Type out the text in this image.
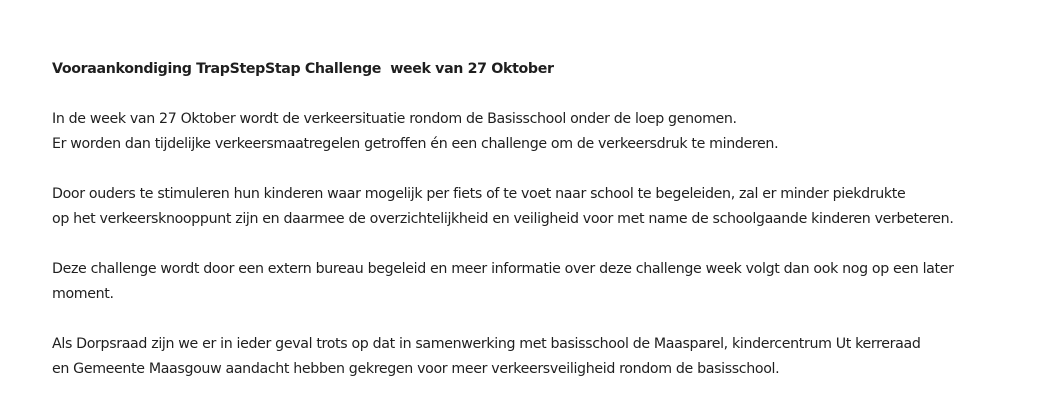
Vooraankondiging TrapStepStap Challenge  week van 27 Oktober
In de week van 27 Oktober wordt de verkeersituatie rondom de Basisschool onder de loep genomen.
Er worden dan tijdelijke verkeersmaatregelen getroffen én een challenge om de verkeersdruk te minderen.
Door ouders te stimuleren hun kinderen waar mogelijk per fiets of te voet naar school te begeleiden, zal er minder piekdrukte
op het verkeersknooppunt zijn en daarmee de overzichtelijkheid en veiligheid voor met name de schoolgaande kinderen verbeteren.
Deze challenge wordt door een extern bureau begeleid en meer informatie over deze challenge week volgt dan ook nog op een later
moment.
Als Dorpsraad zijn we er in ieder geval trots op dat in samenwerking met basisschool de Maasparel, kindercentrum Ut kerreraad
en Gemeente Maasgouw aandacht hebben gekregen voor meer verkeersveiligheid rondom de basisschool.
